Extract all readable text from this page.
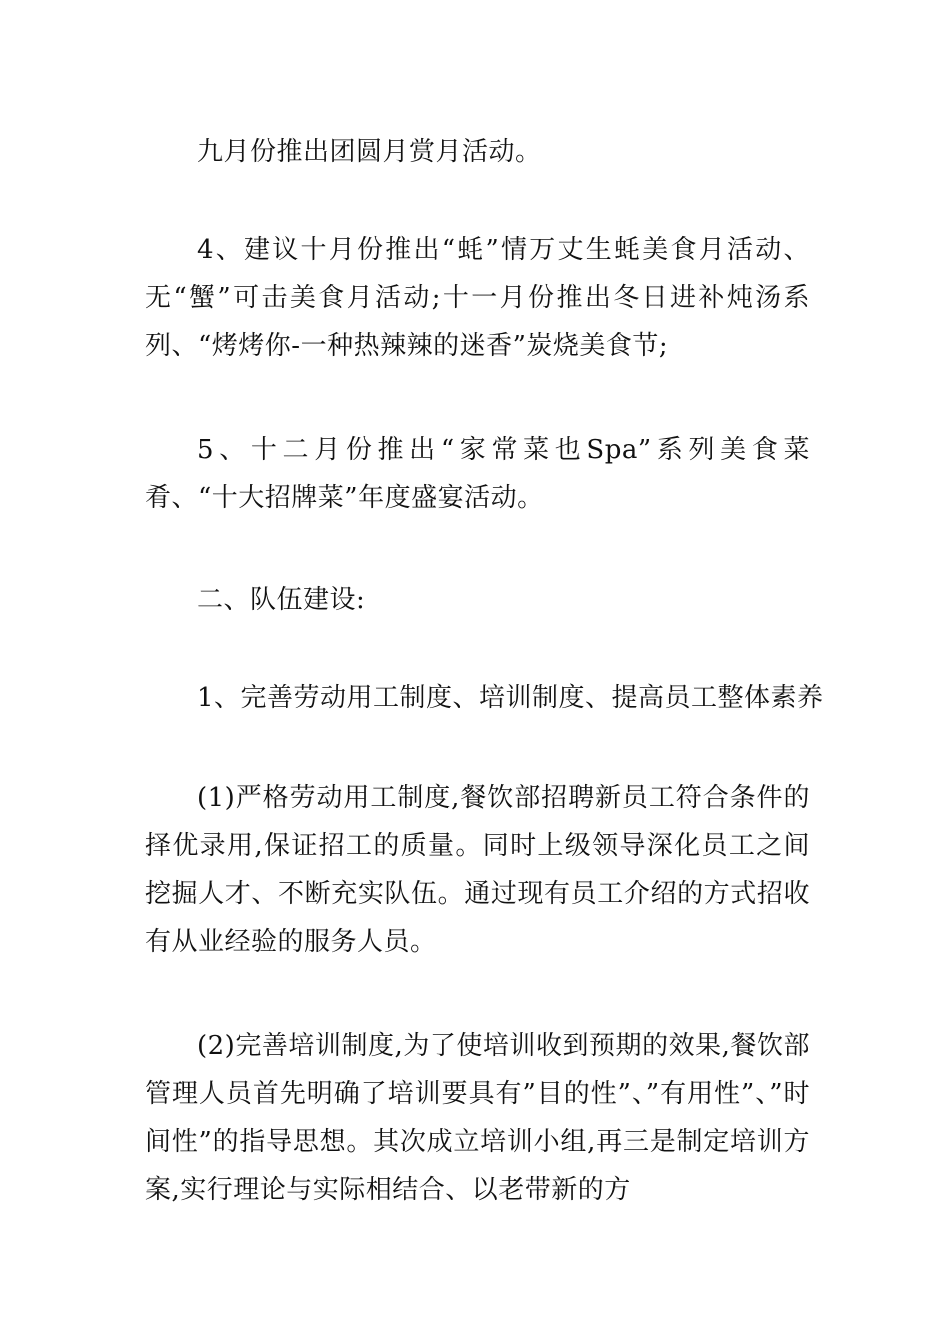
九月份推出团圆月赏月活动。

4、建议十月份推出“蚝”情万丈生蚝美食月活动、无“蟹”可击美食月活动;十一月份推出冬日进补炖汤系列、“烤烤你-一种热辣辣的迷香”炭烧美食节;

5、十二月份推出“家常菜也Spa”系列美食菜肴、“十大招牌菜”年度盛宴活动。

二、队伍建设:

1、完善劳动用工制度、培训制度、提高员工整体素养

(1)严格劳动用工制度,餐饮部招聘新员工符合条件的择优录用,保证招工的质量。同时上级领导深化员工之间挖掘人才、不断充实队伍。通过现有员工介绍的方式招收有从业经验的服务人员。

(2)完善培训制度,为了使培训收到预期的效果,餐饮部管理人员首先明确了培训要具有”目的性”、”有用性”、”时间性”的指导思想。其次成立培训小组,再三是制定培训方案,实行理论与实际相结合、以老带新的方
